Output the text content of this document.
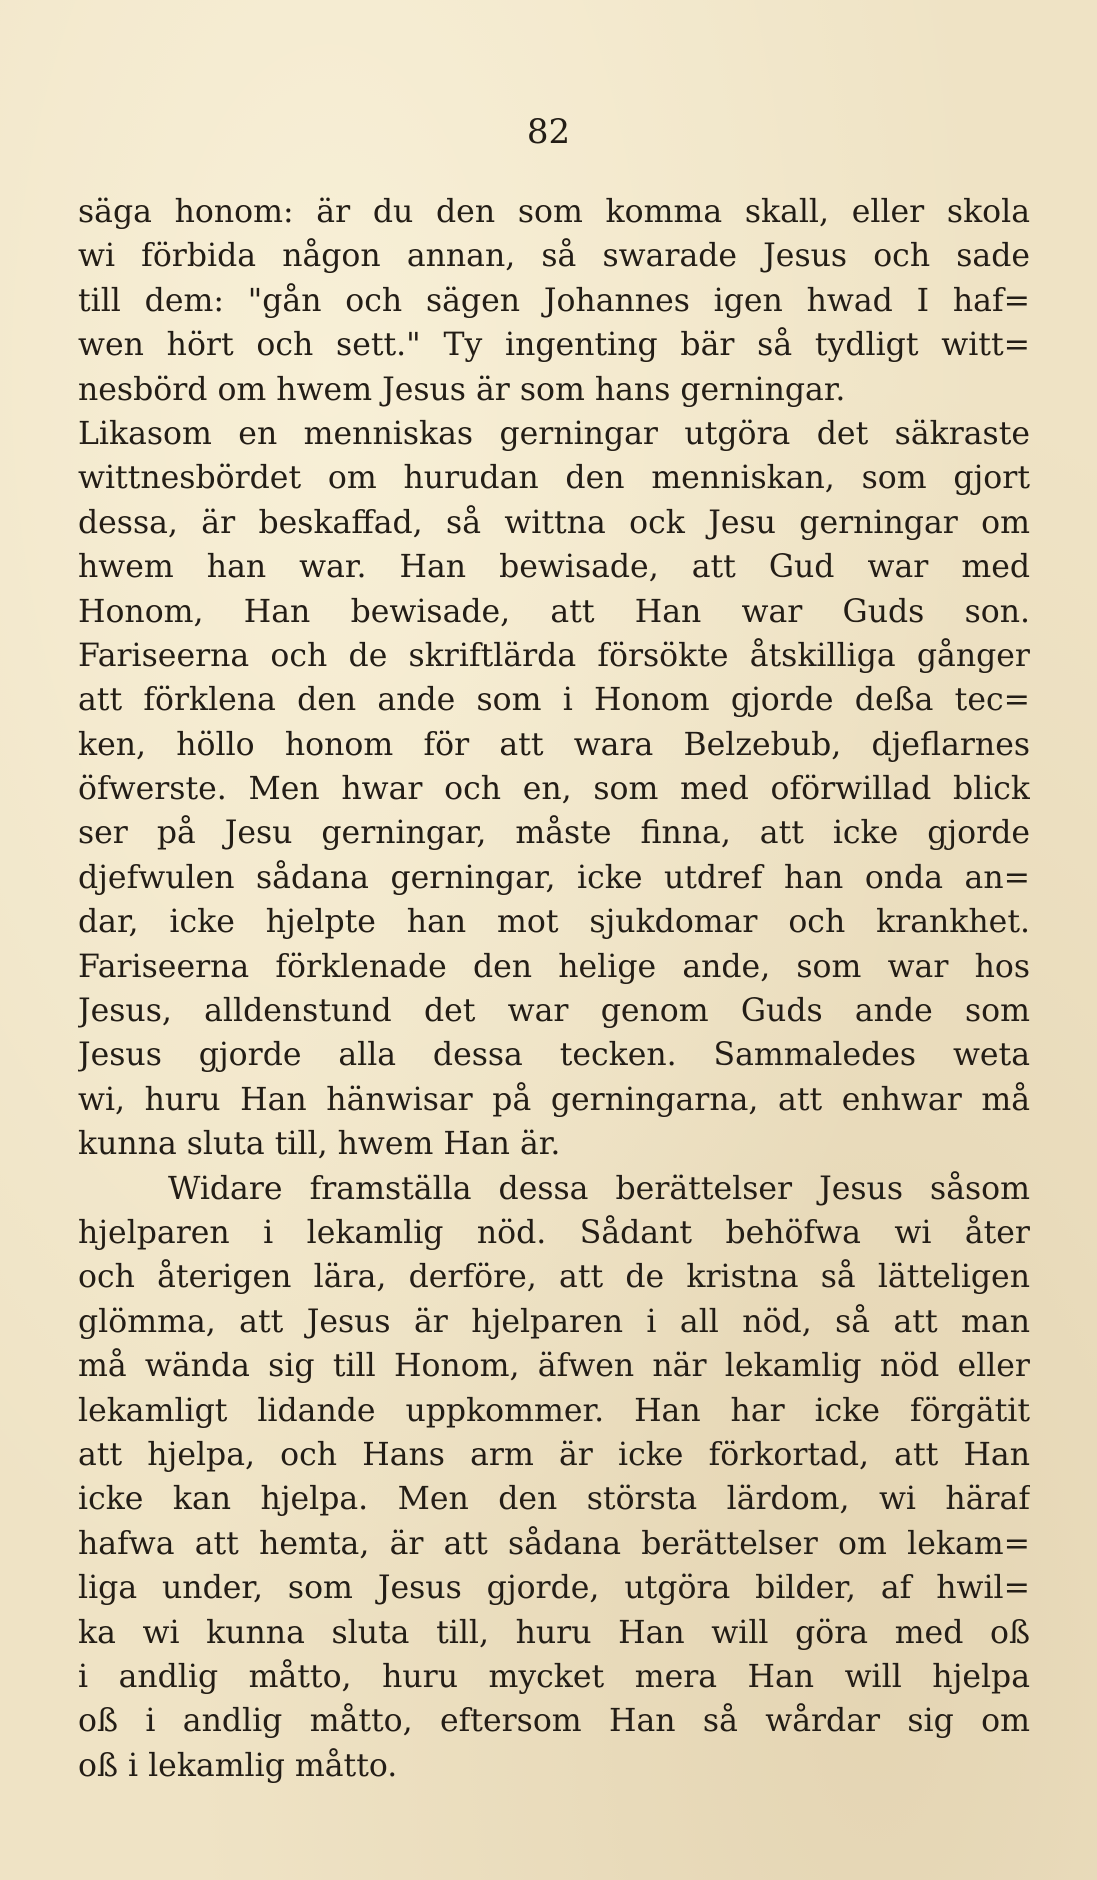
82
säga honom: är du den som komma skall, eller skola
wi förbida någon annan, så swarade Jesus och sade
till dem: "gån och sägen Johannes igen hwad I haf=
wen hört och sett." Ty ingenting bär så tydligt witt=
nesbörd om hwem Jesus är som hans gerningar.
Likasom en menniskas gerningar utgöra det säkraste
wittnesbördet om hurudan den menniskan, som gjort
dessa, är beskaffad, så wittna ock Jesu gerningar om
hwem han war. Han bewisade, att Gud war med
Honom, Han bewisade, att Han war Guds son.
Fariseerna och de skriftlärda försökte åtskilliga gånger
att förklena den ande som i Honom gjorde deßa tec=
ken, höllo honom för att wara Belzebub, djeflarnes
öfwerste. Men hwar och en, som med oförwillad blick
ser på Jesu gerningar, måste finna, att icke gjorde
djefwulen sådana gerningar, icke utdref han onda an=
dar, icke hjelpte han mot sjukdomar och krankhet.
Fariseerna förklenade den helige ande, som war hos
Jesus, alldenstund det war genom Guds ande som
Jesus gjorde alla dessa tecken. Sammaledes weta
wi, huru Han hänwisar på gerningarna, att enhwar må
kunna sluta till, hwem Han är.
Widare framställa dessa berättelser Jesus såsom
hjelparen i lekamlig nöd. Sådant behöfwa wi åter
och återigen lära, derföre, att de kristna så lätteligen
glömma, att Jesus är hjelparen i all nöd, så att man
må wända sig till Honom, äfwen när lekamlig nöd eller
lekamligt lidande uppkommer. Han har icke förgätit
att hjelpa, och Hans arm är icke förkortad, att Han
icke kan hjelpa. Men den största lärdom, wi häraf
hafwa att hemta, är att sådana berättelser om lekam=
liga under, som Jesus gjorde, utgöra bilder, af hwil=
ka wi kunna sluta till, huru Han will göra med oß
i andlig måtto, huru mycket mera Han will hjelpa
oß i andlig måtto, eftersom Han så wårdar sig om
oß i lekamlig måtto.
